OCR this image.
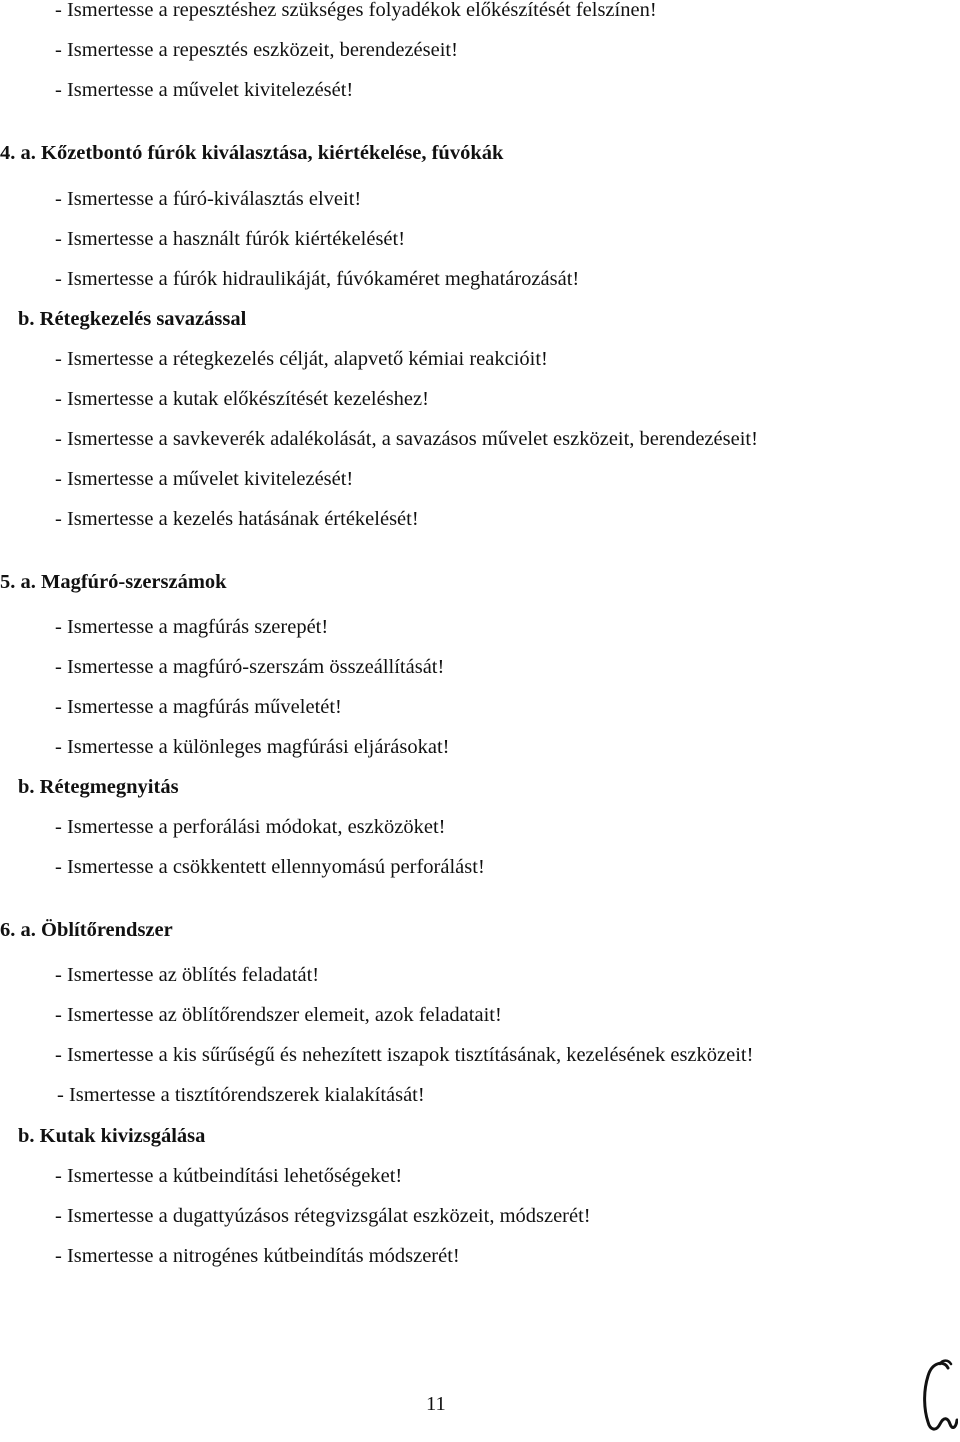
- Ismertesse a repesztéshez szükséges folyadékok előkészítését felszínen!
- Ismertesse a repesztés eszközeit, berendezéseit!
- Ismertesse a művelet kivitelezését!
4. a. Kőzetbontó fúrók kiválasztása, kiértékelése, fúvókák
- Ismertesse a fúró-kiválasztás elveit!
- Ismertesse a használt fúrók kiértékelését!
- Ismertesse a fúrók hidraulikáját, fúvókaméret meghatározását!
b. Rétegkezelés savazással
- Ismertesse a rétegkezelés célját, alapvető kémiai reakcióit!
- Ismertesse a kutak előkészítését kezeléshez!
- Ismertesse a savkeverék adalékolását, a savazásos művelet eszközeit, berendezéseit!
- Ismertesse a művelet kivitelezését!
- Ismertesse a kezelés hatásának értékelését!
5. a. Magfúró-szerszámok
- Ismertesse a magfúrás szerepét!
- Ismertesse a magfúró-szerszám összeállítását!
- Ismertesse a magfúrás műveletét!
- Ismertesse a különleges magfúrási eljárásokat!
b. Rétegmegnyitás
- Ismertesse a perforálási módokat, eszközöket!
- Ismertesse a csökkentett ellennyomású perforálást!
6. a. Öblítőrendszer
- Ismertesse az öblítés feladatát!
- Ismertesse az öblítőrendszer elemeit, azok feladatait!
- Ismertesse a kis sűrűségű és nehezített iszapok tisztításának, kezelésének eszközeit!
- Ismertesse a tisztítórendszerek kialakítását!
b. Kutak kivizsgálása
- Ismertesse a kútbeindítási lehetőségeket!
- Ismertesse a dugattyúzásos rétegvizsgálat eszközeit, módszerét!
- Ismertesse a nitrogénes kútbeindítás módszerét!
11
